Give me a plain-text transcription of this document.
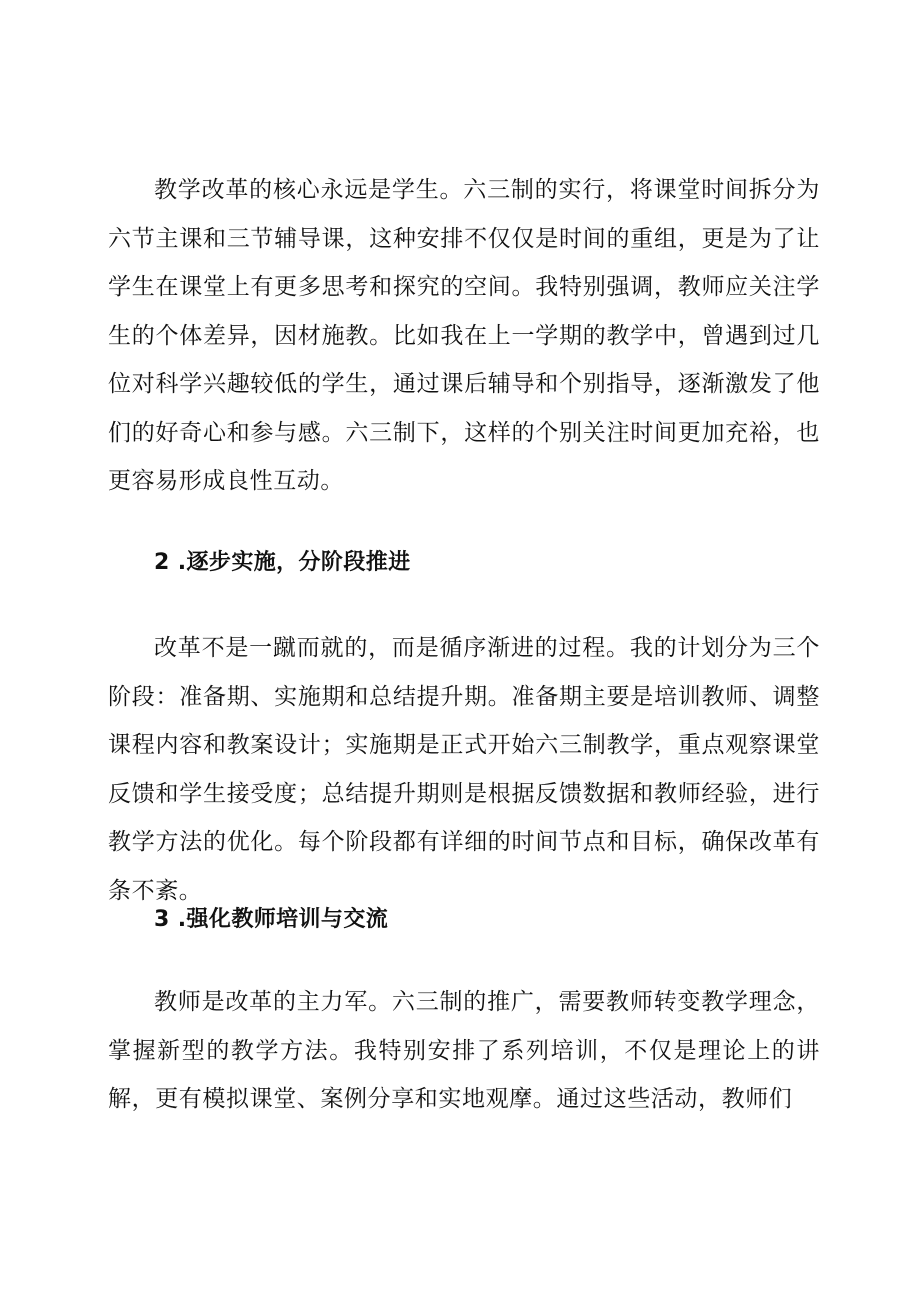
教学改革的核心永远是学生。六三制的实行，将课堂时间拆分为六节主课和三节辅导课，这种安排不仅仅是时间的重组，更是为了让学生在课堂上有更多思考和探究的空间。我特别强调，教师应关注学生的个体差异，因材施教。比如我在上一学期的教学中，曾遇到过几位对科学兴趣较低的学生，通过课后辅导和个别指导，逐渐激发了他们的好奇心和参与感。六三制下，这样的个别关注时间更加充裕，也更容易形成良性互动。

2 .逐步实施，分阶段推进

改革不是一蹴而就的，而是循序渐进的过程。我的计划分为三个阶段：准备期、实施期和总结提升期。准备期主要是培训教师、调整课程内容和教案设计；实施期是正式开始六三制教学，重点观察课堂反馈和学生接受度；总结提升期则是根据反馈数据和教师经验，进行教学方法的优化。每个阶段都有详细的时间节点和目标，确保改革有条不紊。

3 .强化教师培训与交流

教师是改革的主力军。六三制的推广，需要教师转变教学理念，掌握新型的教学方法。我特别安排了系列培训，不仅是理论上的讲解，更有模拟课堂、案例分享和实地观摩。通过这些活动，教师们
